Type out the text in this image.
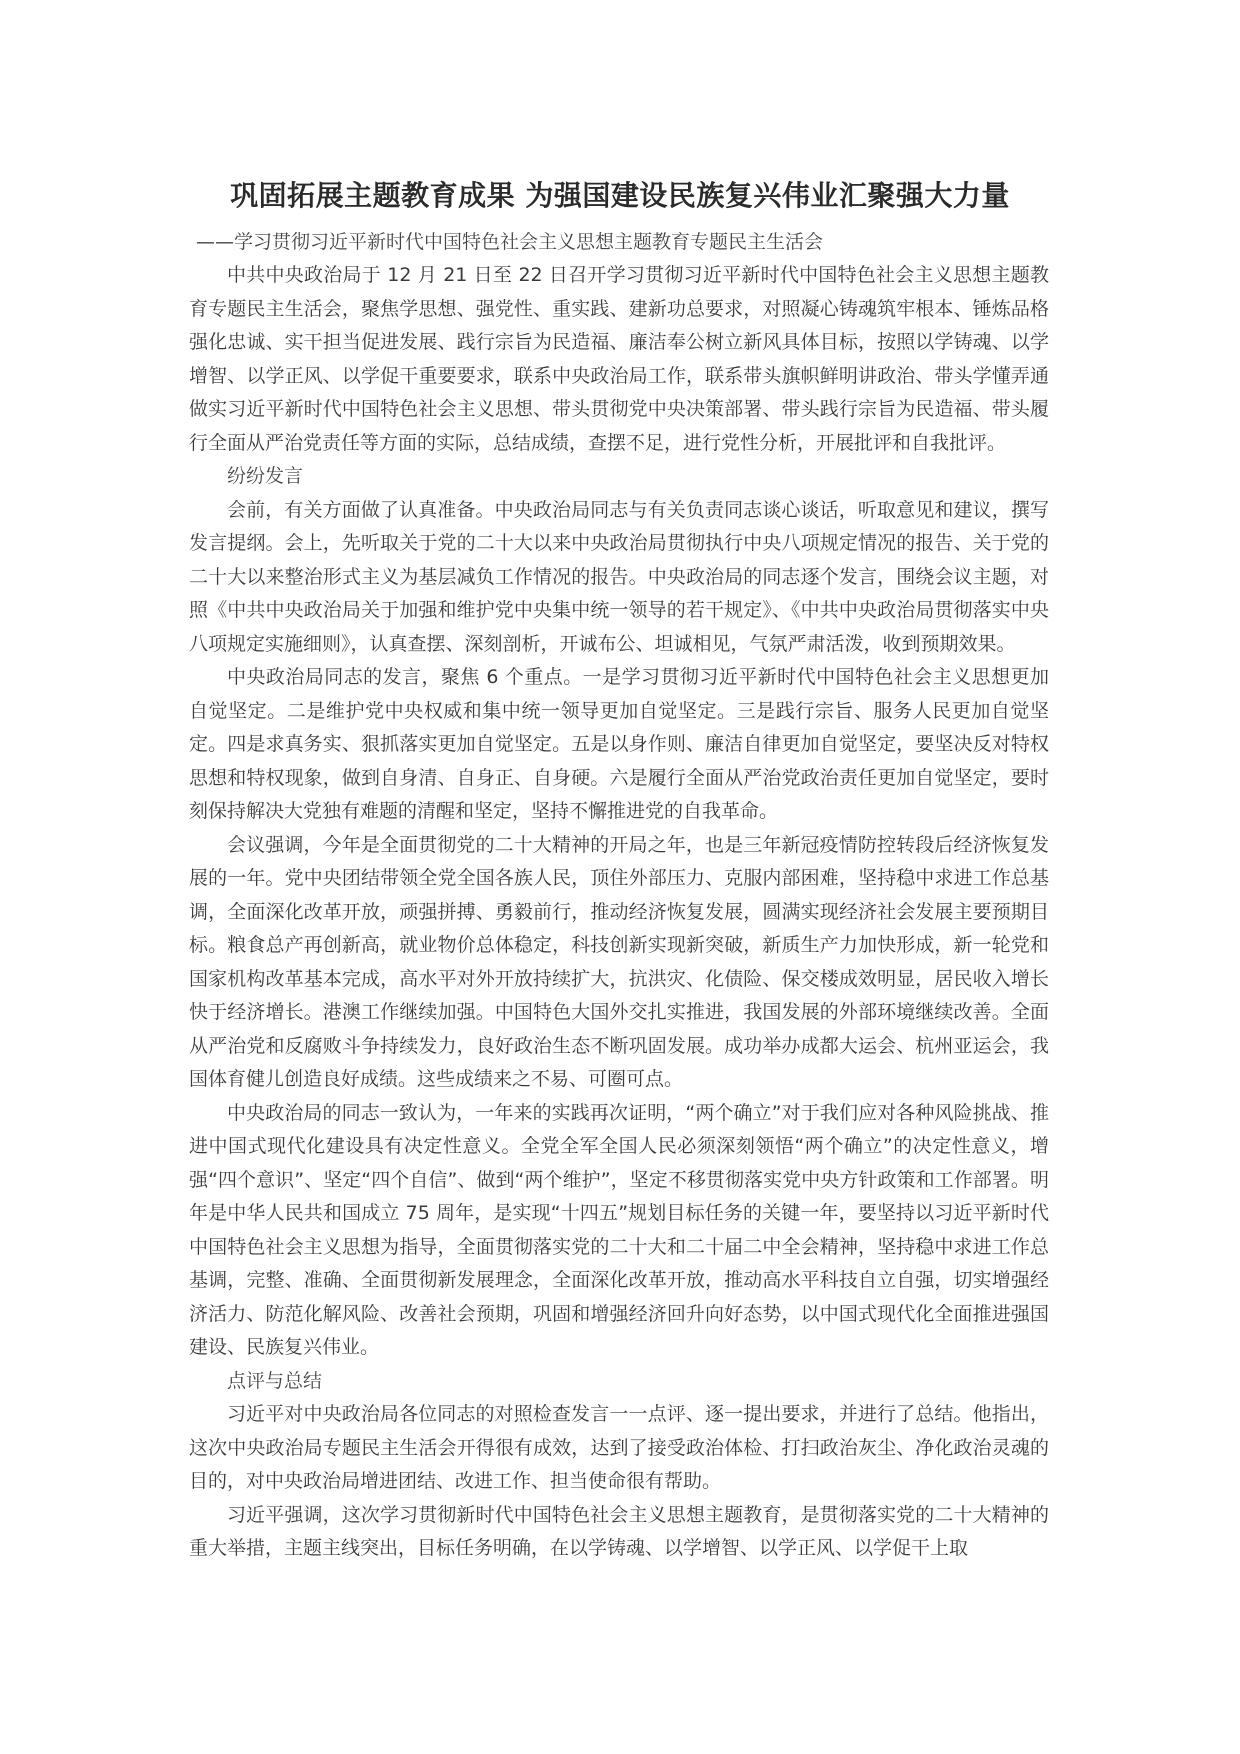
巩固拓展主题教育成果 为强国建设民族复兴伟业汇聚强大力量
——学习贯彻习近平新时代中国特色社会主义思想主题教育专题民主生活会

中共中央政治局于 12 月 21 日至 22 日召开学习贯彻习近平新时代中国特色社会主义思想主题教育专题民主生活会，聚焦学思想、强党性、重实践、建新功总要求，对照凝心铸魂筑牢根本、锤炼品格强化忠诚、实干担当促进发展、践行宗旨为民造福、廉洁奉公树立新风具体目标，按照以学铸魂、以学增智、以学正风、以学促干重要要求，联系中央政治局工作，联系带头旗帜鲜明讲政治、带头学懂弄通做实习近平新时代中国特色社会主义思想、带头贯彻党中央决策部署、带头践行宗旨为民造福、带头履行全面从严治党责任等方面的实际，总结成绩，查摆不足，进行党性分析，开展批评和自我批评。

纷纷发言

会前，有关方面做了认真准备。中央政治局同志与有关负责同志谈心谈话，听取意见和建议，撰写发言提纲。会上，先听取关于党的二十大以来中央政治局贯彻执行中央八项规定情况的报告、关于党的二十大以来整治形式主义为基层减负工作情况的报告。中央政治局的同志逐个发言，围绕会议主题，对照《中共中央政治局关于加强和维护党中央集中统一领导的若干规定》、《中共中央政治局贯彻落实中央八项规定实施细则》，认真查摆、深刻剖析，开诚布公、坦诚相见，气氛严肃活泼，收到预期效果。

中央政治局同志的发言，聚焦 6 个重点。一是学习贯彻习近平新时代中国特色社会主义思想更加自觉坚定。二是维护党中央权威和集中统一领导更加自觉坚定。三是践行宗旨、服务人民更加自觉坚定。四是求真务实、狠抓落实更加自觉坚定。五是以身作则、廉洁自律更加自觉坚定，要坚决反对特权思想和特权现象，做到自身清、自身正、自身硬。六是履行全面从严治党政治责任更加自觉坚定，要时刻保持解决大党独有难题的清醒和坚定，坚持不懈推进党的自我革命。

会议强调，今年是全面贯彻党的二十大精神的开局之年，也是三年新冠疫情防控转段后经济恢复发展的一年。党中央团结带领全党全国各族人民，顶住外部压力、克服内部困难，坚持稳中求进工作总基调，全面深化改革开放，顽强拼搏、勇毅前行，推动经济恢复发展，圆满实现经济社会发展主要预期目标。粮食总产再创新高，就业物价总体稳定，科技创新实现新突破，新质生产力加快形成，新一轮党和国家机构改革基本完成，高水平对外开放持续扩大，抗洪灾、化债险、保交楼成效明显，居民收入增长快于经济增长。港澳工作继续加强。中国特色大国外交扎实推进，我国发展的外部环境继续改善。全面从严治党和反腐败斗争持续发力，良好政治生态不断巩固发展。成功举办成都大运会、杭州亚运会，我国体育健儿创造良好成绩。这些成绩来之不易、可圈可点。

中央政治局的同志一致认为，一年来的实践再次证明，“两个确立”对于我们应对各种风险挑战、推进中国式现代化建设具有决定性意义。全党全军全国人民必须深刻领悟“两个确立”的决定性意义，增强“四个意识”、坚定“四个自信”、做到“两个维护”，坚定不移贯彻落实党中央方针政策和工作部署。明年是中华人民共和国成立 75 周年，是实现“十四五”规划目标任务的关键一年，要坚持以习近平新时代中国特色社会主义思想为指导，全面贯彻落实党的二十大和二十届二中全会精神，坚持稳中求进工作总基调，完整、准确、全面贯彻新发展理念，全面深化改革开放，推动高水平科技自立自强，切实增强经济活力、防范化解风险、改善社会预期，巩固和增强经济回升向好态势，以中国式现代化全面推进强国建设、民族复兴伟业。

点评与总结

习近平对中央政治局各位同志的对照检查发言一一点评、逐一提出要求，并进行了总结。他指出，这次中央政治局专题民主生活会开得很有成效，达到了接受政治体检、打扫政治灰尘、净化政治灵魂的目的，对中央政治局增进团结、改进工作、担当使命很有帮助。

习近平强调，这次学习贯彻新时代中国特色社会主义思想主题教育，是贯彻落实党的二十大精神的重大举措，主题主线突出，目标任务明确，在以学铸魂、以学增智、以学正风、以学促干上取
